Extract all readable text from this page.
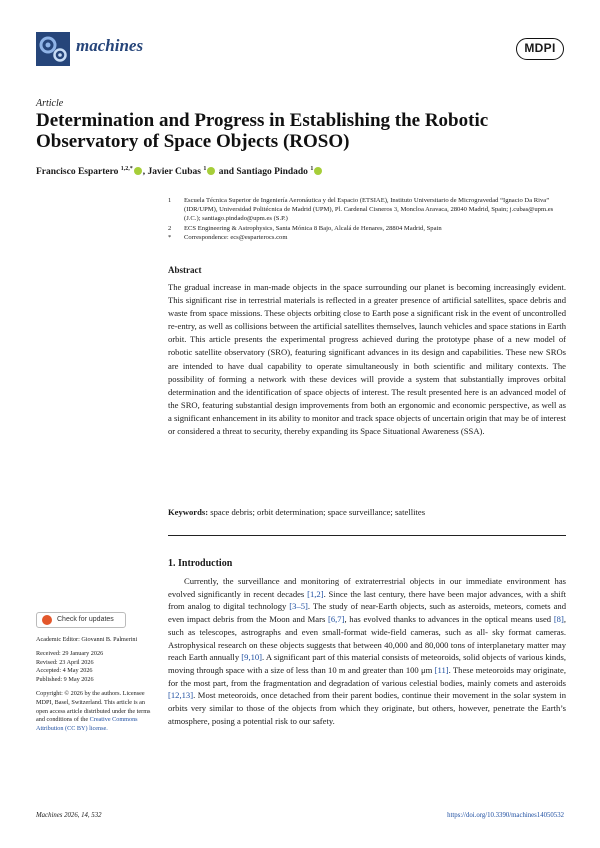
machines	MDPI
Article
Determination and Progress in Establishing the Robotic Observatory of Space Objects (ROSO)
Francisco Espartero $^{1,2,*}$ , Javier Cubas $^1$ and Santiago Pindado $^1$
1 Escuela Técnica Superior de Ingeniería Aeronáutica y del Espacio (ETSIAE), Instituto Universitario de Microgravedad “Ignacio Da Riva” (IDR/UPM), Universidad Politécnica de Madrid (UPM), Pl. Cardenal Cisneros 3, Moncloa Aravaca, 28040 Madrid, Spain; j.cubas@upm.es (J.C.); santiago.pindado@upm.es (S.P.)
2 ECS Engineering & Astrophysics, Santa Mónica 8 Bajo, Alcalá de Henares, 28804 Madrid, Spain
* Correspondence: ecs@esparterocs.com
Abstract
The gradual increase in man-made objects in the space surrounding our planet is becoming increasingly evident. This significant rise in terrestrial materials is reflected in a greater presence of artificial satellites, space debris and waste from space missions. These objects orbiting close to Earth pose a significant risk in the event of uncontrolled re-entry, as well as collisions between the artificial satellites themselves, launch vehicles and space stations in Earth orbit. This article presents the experimental progress achieved during the prototype phase of a new model of robotic satellite observatory (SRO), featuring significant advances in its design and capabilities. These new SROs are intended to have dual capability to operate simultaneously in both scientific and military contexts. The possibility of forming a network with these devices will provide a system that substantially improves orbital determination and the identification of space objects of interest. The result presented here is an advanced model of the SRO, featuring substantial design improvements from both an ergonomic and economic perspective, as well as a significant enhancement in its ability to monitor and track space objects of uncertain origin that may be of interest or considered a threat to security, thereby expanding its Space Situational Awareness (SSA).
Keywords: space debris; orbit determination; space surveillance; satellites
1. Introduction
Currently, the surveillance and monitoring of extraterrestrial objects in our immediate environment has evolved significantly in recent decades [1,2]. Since the last century, there have been major advances, with a shift from analog to digital technology [3–5]. The study of near-Earth objects, such as asteroids, meteors, comets and even impact debris from the Moon and Mars [6,7], has evolved thanks to advances in the optical means used [8], such as telescopes, astrographs and even small-format wide-field cameras, such as all- sky format cameras. Astrophysical research on these objects suggests that between 40,000 and 80,000 tons of interplanetary matter may reach Earth annually [9,10]. A significant part of this material consists of meteoroids, solid objects of various kinds, moving through space with a size of less than 10 m and greater than 100 μm [11]. These meteoroids may originate, for the most part, from the fragmentation and degradation of various celestial bodies, mainly comets and asteroids [12,13]. Most meteoroids, once detached from their parent bodies, continue their movement in the solar system in orbits very similar to those of the objects from which they originate, but others, however, penetrate the Earth’s atmosphere, posing a potential risk to our safety.
Check for updates

Academic Editor: Giovanni B. Palmerini

Received: 29 January 2026
Revised: 23 April 2026
Accepted: 4 May 2026

Published: 9 May 2026

Copyright: © 2026 by the authors. Licensee MDPI, Basel, Switzerland. This article is an open access article distributed under the terms and conditions of the Creative Commons Attribution (CC BY) license.

Machines 2026, 14, 532	https://doi.org/10.3390/machines14050532
